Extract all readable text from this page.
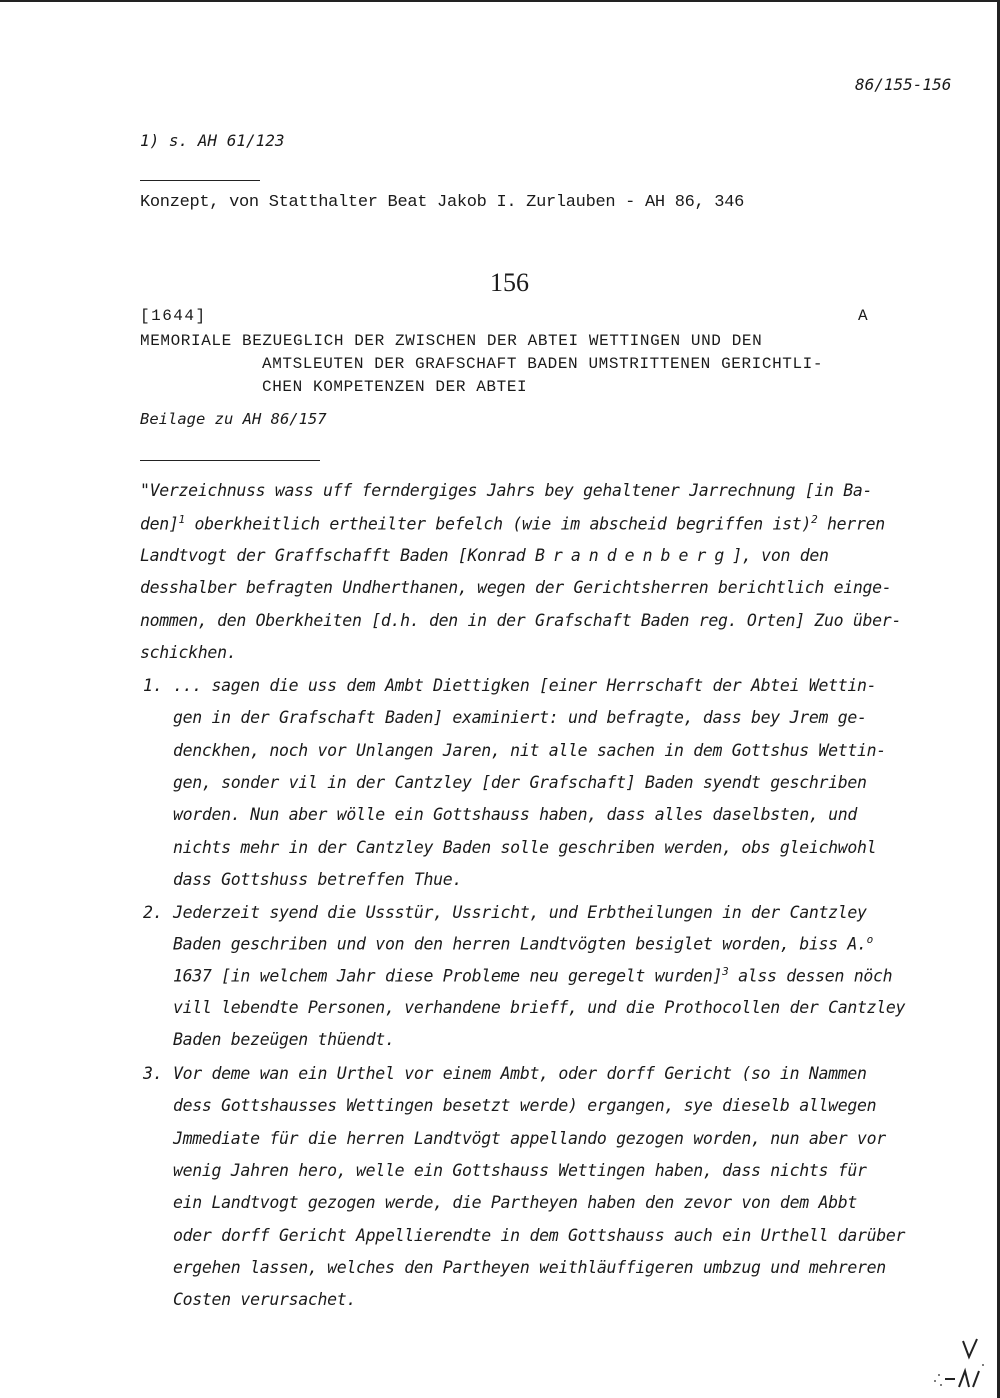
86/155-156
1) s. AH 61/123
Konzept, von Statthalter Beat Jakob I. Zurlauben - AH 86, 346
156
[1644]	A
MEMORIALE BEZUEGLICH DER ZWISCHEN DER ABTEI WETTINGEN UND DEN
AMTSLEUTEN DER GRAFSCHAFT BADEN UMSTRITTENEN GERICHTLI-
CHEN KOMPETENZEN DER ABTEI
Beilage zu AH 86/157
"Verzeichnuss wass uff ferndergiges Jahrs bey gehaltener Jarrechnung [in Ba-
den]$^1$ oberkheitlich ertheilter befelch (wie im abscheid begriffen ist)$^2$ herren
Landtvogt der Graffschafft Baden [Konrad Brandenberg], von den
desshalber befragten Undherthanen, wegen der Gerichtsherren berichtlich einge-
nommen, den Oberkheiten [d.h. den in der Grafschaft Baden reg. Orten] Zuo über-
schickhen.
1. ... sagen die uss dem Ambt Diettigken [einer Herrschaft der Abtei Wettin-
gen in der Grafschaft Baden] examiniert: und befragte, dass bey Jrem ge-
denckhen, noch vor Unlangen Jaren, nit alle sachen in dem Gottshus Wettin-
gen, sonder vil in der Cantzley [der Grafschaft] Baden syendt geschriben
worden. Nun aber wölle ein Gottshauss haben, dass alles daselbsten, und
nichts mehr in der Cantzley Baden solle geschriben werden, obs gleichwohl
dass Gottshuss betreffen Thue.
2. Jederzeit syend die Ussstür, Ussricht, und Erbtheilungen in der Cantzley
Baden geschriben und von den herren Landtvögten besiglet worden, biss A.$^o$
1637 [in welchem Jahr diese Probleme neu geregelt wurden]$^3$ alss dessen nöch
vill lebendte Personen, verhandene brieff, und die Prothocollen der Cantzley
Baden bezeügen thüendt.
3. Vor deme wan ein Urthel vor einem Ambt, oder dorff Gericht (so in Nammen
dess Gottshausses Wettingen besetzt werde) ergangen, sye dieselb allwegen
Jmmediate für die herren Landtvögt appellando gezogen worden, nun aber vor
wenig Jahren hero, welle ein Gottshauss Wettingen haben, dass nichts für
ein Landtvogt gezogen werde, die Partheyen haben den zevor von dem Abbt
oder dorff Gericht Appellierendte in dem Gottshauss auch ein Urthell darüber
ergehen lassen, welches den Partheyen weithläuffigeren umbzug und mehreren
Costen verursachet.
